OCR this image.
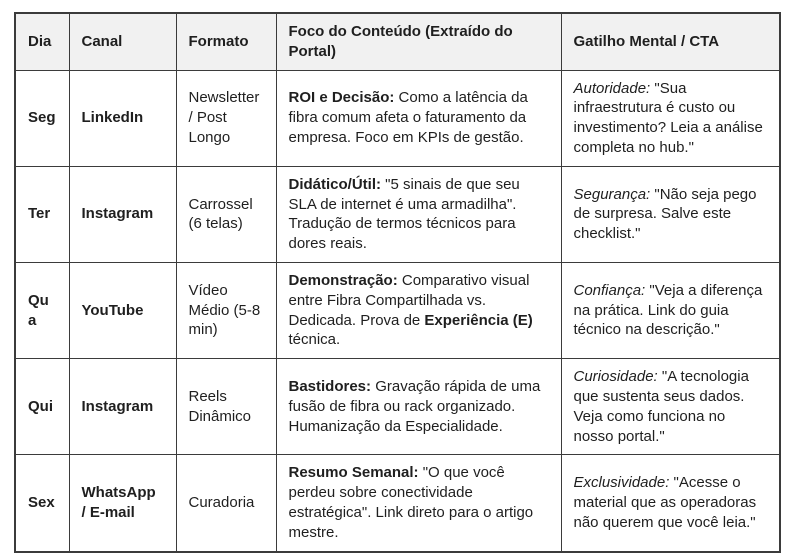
Dia	Canal	Formato	Foco do Conteúdo (Extraído do Portal)	Gatilho Mental / CTA
Seg	LinkedIn	Newsletter / Post Longo	ROI e Decisão: Como a latência da fibra comum afeta o faturamento da empresa. Foco em KPIs de gestão.	Autoridade: "Sua infraestrutura é custo ou investimento? Leia a análise completa no hub."
Ter	Instagram	Carrossel (6 telas)	Didático/Útil: "5 sinais de que seu SLA de internet é uma armadilha". Tradução de termos técnicos para dores reais.	Segurança: "Não seja pego de surpresa. Salve este checklist."
Qua	YouTube	Vídeo Médio (5-8 min)	Demonstração: Comparativo visual entre Fibra Compartilhada vs. Dedicada. Prova de Experiência (E) técnica.	Confiança: "Veja a diferença na prática. Link do guia técnico na descrição."
Qui	Instagram	Reels Dinâmico	Bastidores: Gravação rápida de uma fusão de fibra ou rack organizado. Humanização da Especialidade.	Curiosidade: "A tecnologia que sustenta seus dados. Veja como funciona no nosso portal."
Sex	WhatsApp / E-mail	Curadoria	Resumo Semanal: "O que você perdeu sobre conectividade estratégica". Link direto para o artigo mestre.	Exclusividade: "Acesse o material que as operadoras não querem que você leia."
